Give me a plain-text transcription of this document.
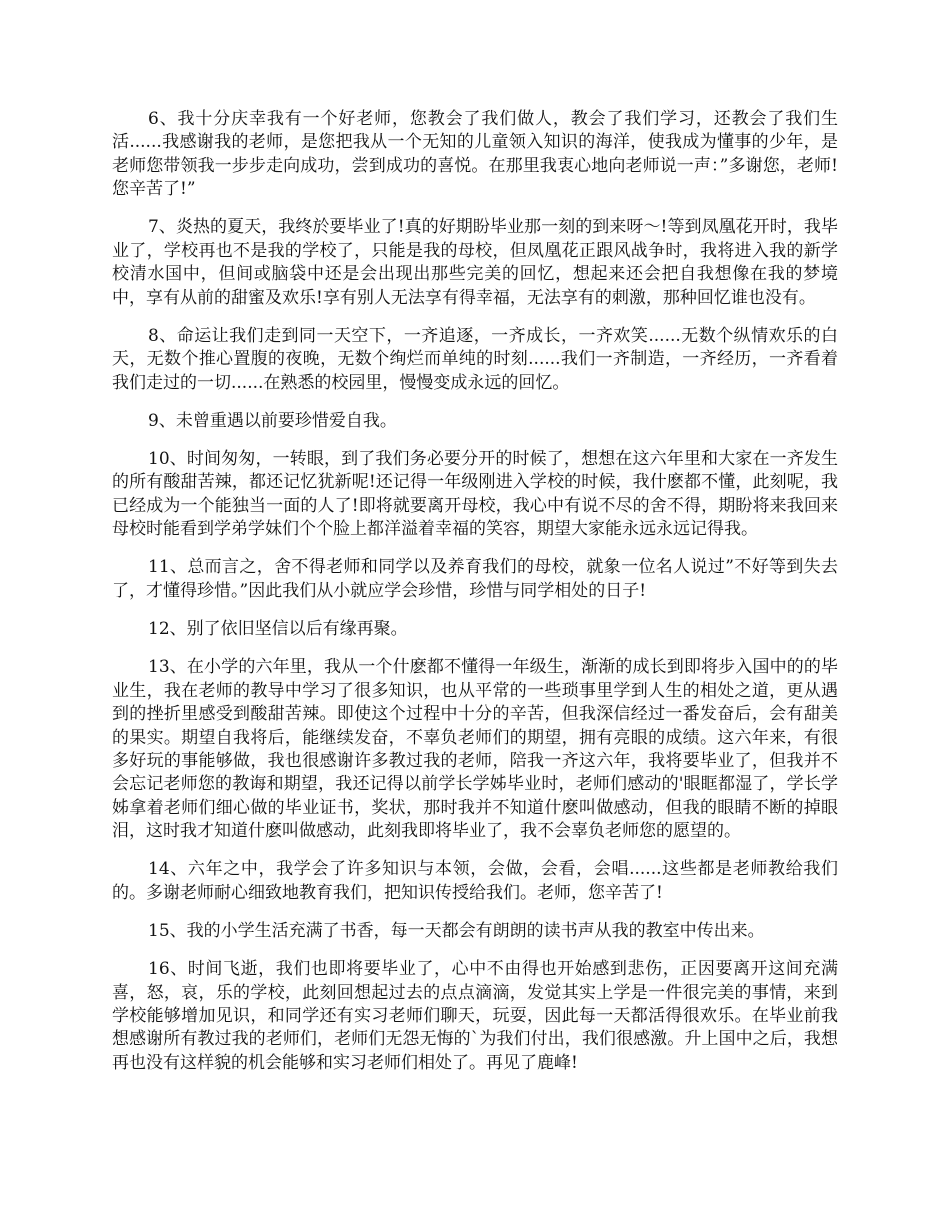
6、我十分庆幸我有一个好老师，您教会了我们做人，教会了我们学习，还教会了我们生活......我感谢我的老师，是您把我从一个无知的儿童领入知识的海洋，使我成为懂事的少年，是老师您带领我一步步走向成功，尝到成功的喜悦。在那里我衷心地向老师说一声：”多谢您，老师!您辛苦了!”

7、炎热的夏天，我终於要毕业了!真的好期盼毕业那一刻的到来呀～!等到凤凰花开时，我毕业了，学校再也不是我的学校了，只能是我的母校，但凤凰花正跟风战争时，我将进入我的新学校清水国中，但间或脑袋中还是会出现出那些完美的回忆，想起来还会把自我想像在我的梦境中，享有从前的甜蜜及欢乐!享有别人无法享有得幸福，无法享有的刺激，那种回忆谁也没有。

8、命运让我们走到同一天空下，一齐追逐，一齐成长，一齐欢笑......无数个纵情欢乐的白天，无数个推心置腹的夜晚，无数个绚烂而单纯的时刻......我们一齐制造，一齐经历，一齐看着我们走过的一切......在熟悉的校园里，慢慢变成永远的回忆。

9、未曾重遇以前要珍惜爱自我。

10、时间匆匆，一转眼，到了我们务必要分开的时候了，想想在这六年里和大家在一齐发生的所有酸甜苦辣，都还记忆犹新呢!还记得一年级刚进入学校的时候，我什麽都不懂，此刻呢，我已经成为一个能独当一面的人了!即将就要离开母校，我心中有说不尽的舍不得，期盼将来我回来母校时能看到学弟学妹们个个脸上都洋溢着幸福的笑容，期望大家能永远永远记得我。

11、总而言之，舍不得老师和同学以及养育我们的母校，就象一位名人说过”不好等到失去了，才懂得珍惜。”因此我们从小就应学会珍惜，珍惜与同学相处的日子!

12、别了依旧坚信以后有缘再聚。

13、在小学的六年里，我从一个什麽都不懂得一年级生，渐渐的成长到即将步入国中的的毕业生，我在老师的教导中学习了很多知识，也从平常的一些琐事里学到人生的相处之道，更从遇到的挫折里感受到酸甜苦辣。即使这个过程中十分的辛苦，但我深信经过一番发奋后，会有甜美的果实。期望自我将后，能继续发奋，不辜负老师们的期望，拥有亮眼的成绩。这六年来，有很多好玩的事能够做，我也很感谢许多教过我的老师，陪我一齐这六年，我将要毕业了，但我并不会忘记老师您的教诲和期望，我还记得以前学长学姊毕业时，老师们感动的'眼眶都湿了，学长学姊拿着老师们细心做的毕业证书，奖状，那时我并不知道什麽叫做感动，但我的眼睛不断的掉眼泪，这时我才知道什麽叫做感动，此刻我即将毕业了，我不会辜负老师您的愿望的。

14、六年之中，我学会了许多知识与本领，会做，会看，会唱......这些都是老师教给我们的。多谢老师耐心细致地教育我们，把知识传授给我们。老师，您辛苦了!

15、我的小学生活充满了书香，每一天都会有朗朗的读书声从我的教室中传出来。

16、时间飞逝，我们也即将要毕业了，心中不由得也开始感到悲伤，正因要离开这间充满喜，怒，哀，乐的学校，此刻回想起过去的点点滴滴，发觉其实上学是一件很完美的事情，来到学校能够增加见识，和同学还有实习老师们聊天，玩耍，因此每一天都活得很欢乐。在毕业前我想感谢所有教过我的老师们，老师们无怨无悔的`为我们付出，我们很感激。升上国中之后，我想再也没有这样貌的机会能够和实习老师们相处了。再见了鹿峰!
